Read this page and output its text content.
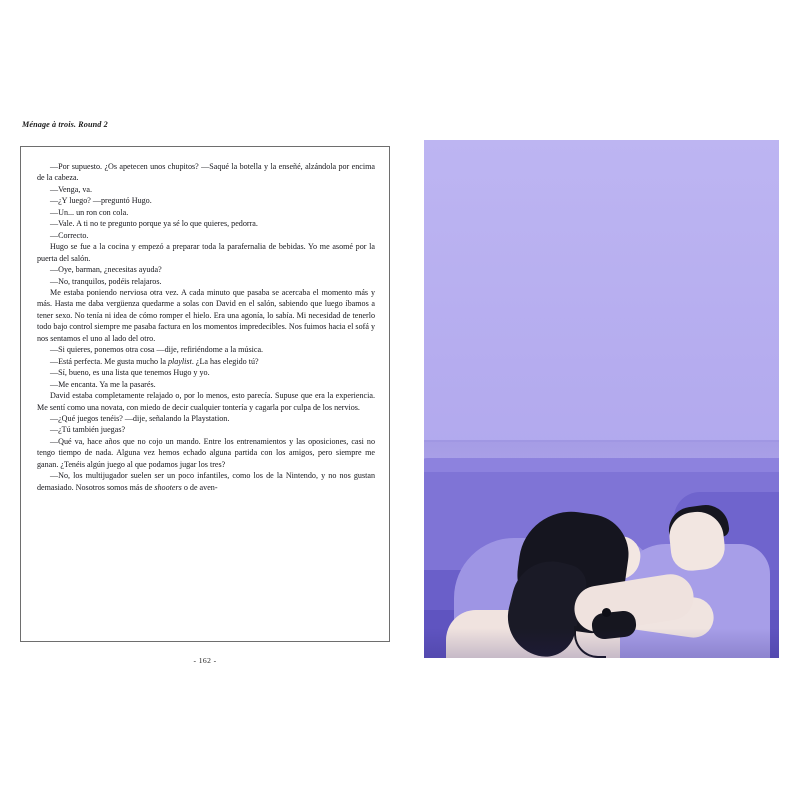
Ménage à trois. Round 2

—Por supuesto. ¿Os apetecen unos chupitos? —Saqué la botella y la enseñé, alzándola por encima de la cabeza.

—Venga, va.

—¿Y luego? —preguntó Hugo.

—Un... un ron con cola.

—Vale. A ti no te pregunto porque ya sé lo que quieres, pedorra.

—Correcto.

Hugo se fue a la cocina y empezó a preparar toda la parafernalia de bebidas. Yo me asomé por la puerta del salón.

—Oye, barman, ¿necesitas ayuda?

—No, tranquilos, podéis relajaros.

Me estaba poniendo nerviosa otra vez. A cada minuto que pasaba se acercaba el momento más y más. Hasta me daba vergüenza quedarme a solas con David en el salón, sabiendo que luego íbamos a tener sexo. No tenía ni idea de cómo romper el hielo. Era una agonía, lo sabía. Mi necesidad de tenerlo todo bajo control siempre me pasaba factura en los momentos impredecibles. Nos fuimos hacia el sofá y nos sentamos el uno al lado del otro.

—Si quieres, ponemos otra cosa —dije, refiriéndome a la música.

—Está perfecta. Me gusta mucho la playlist. ¿La has elegido tú?

—Sí, bueno, es una lista que tenemos Hugo y yo.

—Me encanta. Ya me la pasarés.

David estaba completamente relajado o, por lo menos, esto parecía. Supuse que era la experiencia. Me sentí como una novata, con miedo de decir cualquier tontería y cagarla por culpa de los nervios.

—¿Qué juegos tenéis? —dije, señalando la Playstation.

—¿Tú también juegas?

—Qué va, hace años que no cojo un mando. Entre los entrenamientos y las oposiciones, casi no tengo tiempo de nada. Alguna vez hemos echado alguna partida con los amigos, pero siempre me ganan. ¿Tenéis algún juego al que podamos jugar los tres?

—No, los multijugador suelen ser un poco infantiles, como los de la Nintendo, y no nos gustan demasiado. Nosotros somos más de shooters o de aven-

- 162 -
